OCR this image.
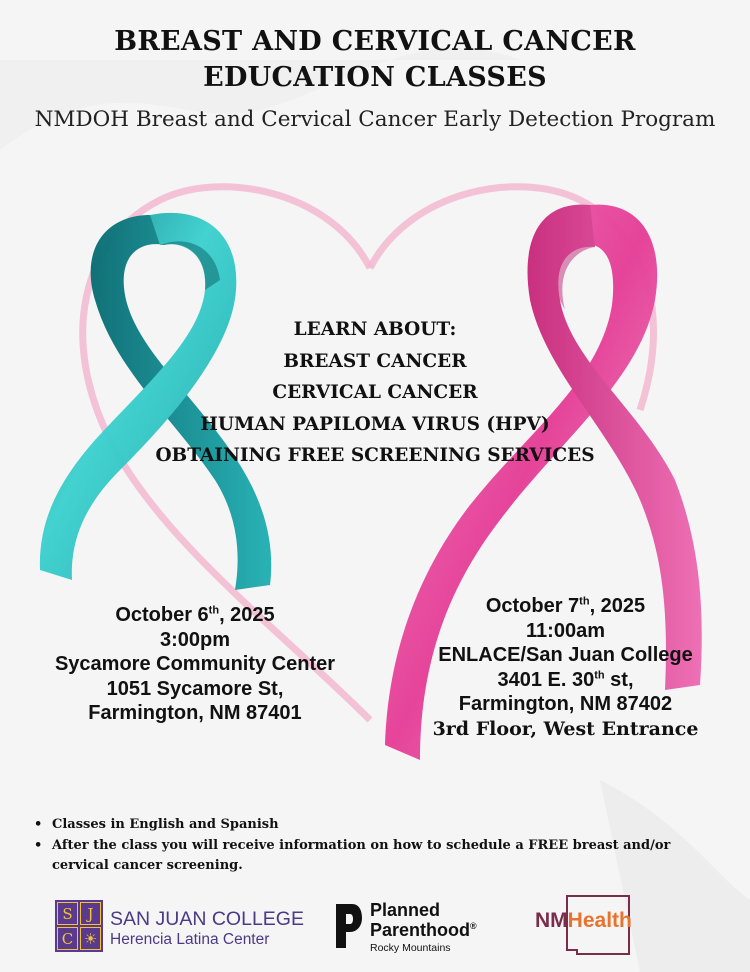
BREAST AND CERVICAL CANCER
EDUCATION CLASSES
NMDOH Breast and Cervical Cancer Early Detection Program
LEARN ABOUT:
BREAST CANCER
CERVICAL CANCER
HUMAN PAPILOMA VIRUS (HPV)
OBTAINING FREE SCREENING SERVICES
October 6th, 2025
3:00pm
Sycamore Community Center
1051 Sycamore St,
Farmington, NM 87401
October 7th, 2025
11:00am
ENLACE/San Juan College
3401 E. 30th st,
Farmington, NM 87402
3rd Floor, West Entrance
• Classes in English and Spanish
• After the class you will receive information on how to schedule a FREE breast and/or cervical cancer screening.
S J
C ☀
SAN JUAN COLLEGE
Herencia Latina Center
Planned
Parenthood®
Rocky Mountains
NMHealth
